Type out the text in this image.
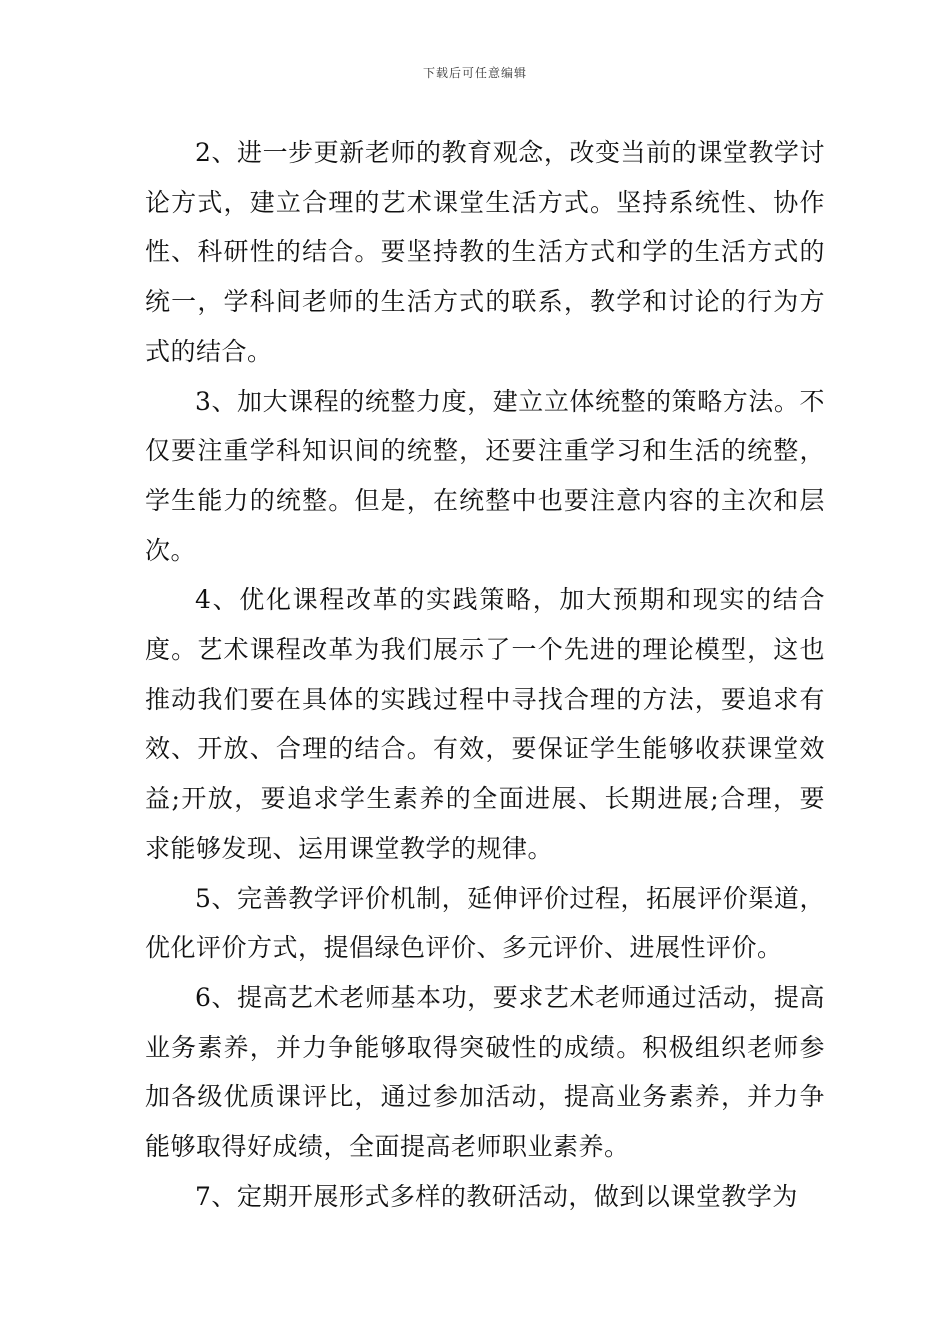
下载后可任意编辑

2、进一步更新老师的教育观念，改变当前的课堂教学讨论方式，建立合理的艺术课堂生活方式。坚持系统性、协作性、科研性的结合。要坚持教的生活方式和学的生活方式的统一，学科间老师的生活方式的联系，教学和讨论的行为方式的结合。

3、加大课程的统整力度，建立立体统整的策略方法。不仅要注重学科知识间的统整，还要注重学习和生活的统整，学生能力的统整。但是，在统整中也要注意内容的主次和层次。

4、优化课程改革的实践策略，加大预期和现实的结合度。艺术课程改革为我们展示了一个先进的理论模型，这也推动我们要在具体的实践过程中寻找合理的方法，要追求有效、开放、合理的结合。有效，要保证学生能够收获课堂效益;开放，要追求学生素养的全面进展、长期进展;合理，要求能够发现、运用课堂教学的规律。

5、完善教学评价机制，延伸评价过程，拓展评价渠道，优化评价方式，提倡绿色评价、多元评价、进展性评价。

6、提高艺术老师基本功，要求艺术老师通过活动，提高业务素养，并力争能够取得突破性的成绩。积极组织老师参加各级优质课评比，通过参加活动，提高业务素养，并力争能够取得好成绩，全面提高老师职业素养。

7、定期开展形式多样的教研活动，做到以课堂教学为
